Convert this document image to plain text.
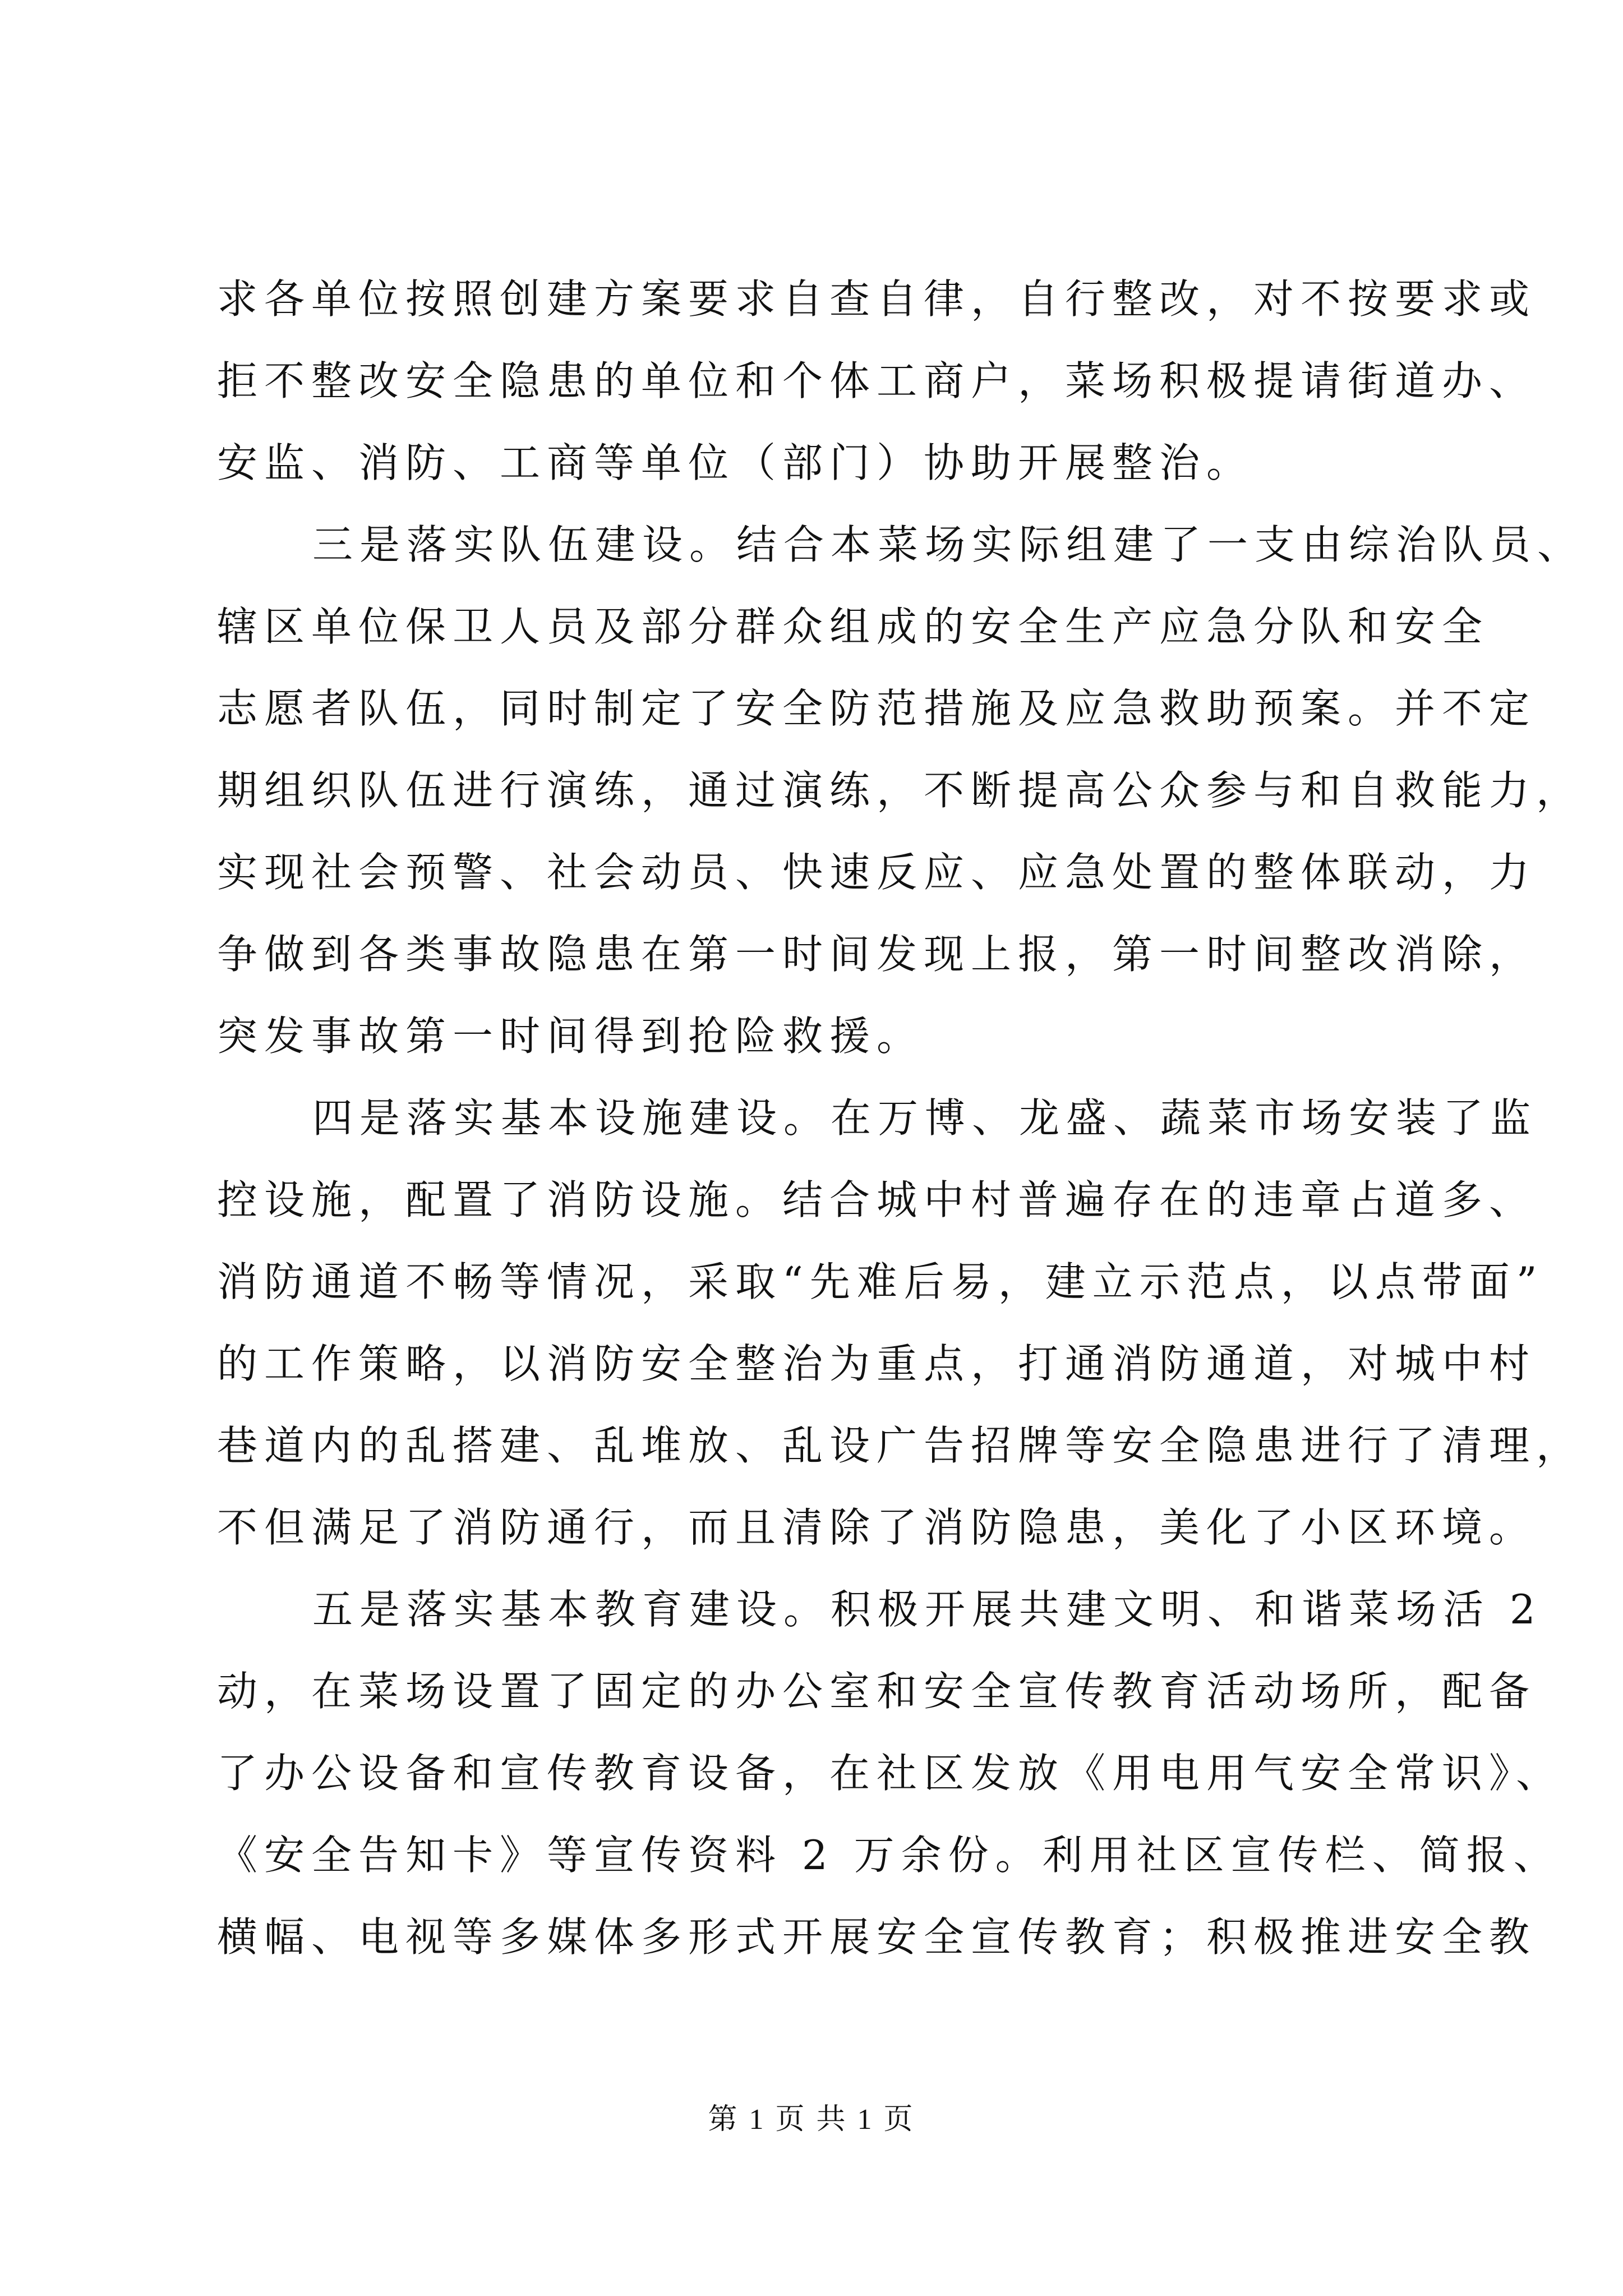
求各单位按照创建方案要求自查自律，自行整改，对不按要求或
拒不整改安全隐患的单位和个体工商户，菜场积极提请街道办、
安监、消防、工商等单位（部门）协助开展整治。
三是落实队伍建设。结合本菜场实际组建了一支由综治队员、
辖区单位保卫人员及部分群众组成的安全生产应急分队和安全
志愿者队伍，同时制定了安全防范措施及应急救助预案。并不定
期组织队伍进行演练，通过演练，不断提高公众参与和自救能力，
实现社会预警、社会动员、快速反应、应急处置的整体联动，力
争做到各类事故隐患在第一时间发现上报，第一时间整改消除，
突发事故第一时间得到抢险救援。
四是落实基本设施建设。在万博、龙盛、蔬菜市场安装了监
控设施，配置了消防设施。结合城中村普遍存在的违章占道多、
消防通道不畅等情况，采取“先难后易，建立示范点，以点带面”
的工作策略，以消防安全整治为重点，打通消防通道，对城中村
巷道内的乱搭建、乱堆放、乱设广告招牌等安全隐患进行了清理，
不但满足了消防通行，而且清除了消防隐患，美化了小区环境。
五是落实基本教育建设。积极开展共建文明、和谐菜场活 2
动，在菜场设置了固定的办公室和安全宣传教育活动场所，配备
了办公设备和宣传教育设备，在社区发放《用电用气安全常识》、
《安全告知卡》等宣传资料 2 万余份。利用社区宣传栏、简报、
横幅、电视等多媒体多形式开展安全宣传教育；积极推进安全教
第 1 页 共 1 页
